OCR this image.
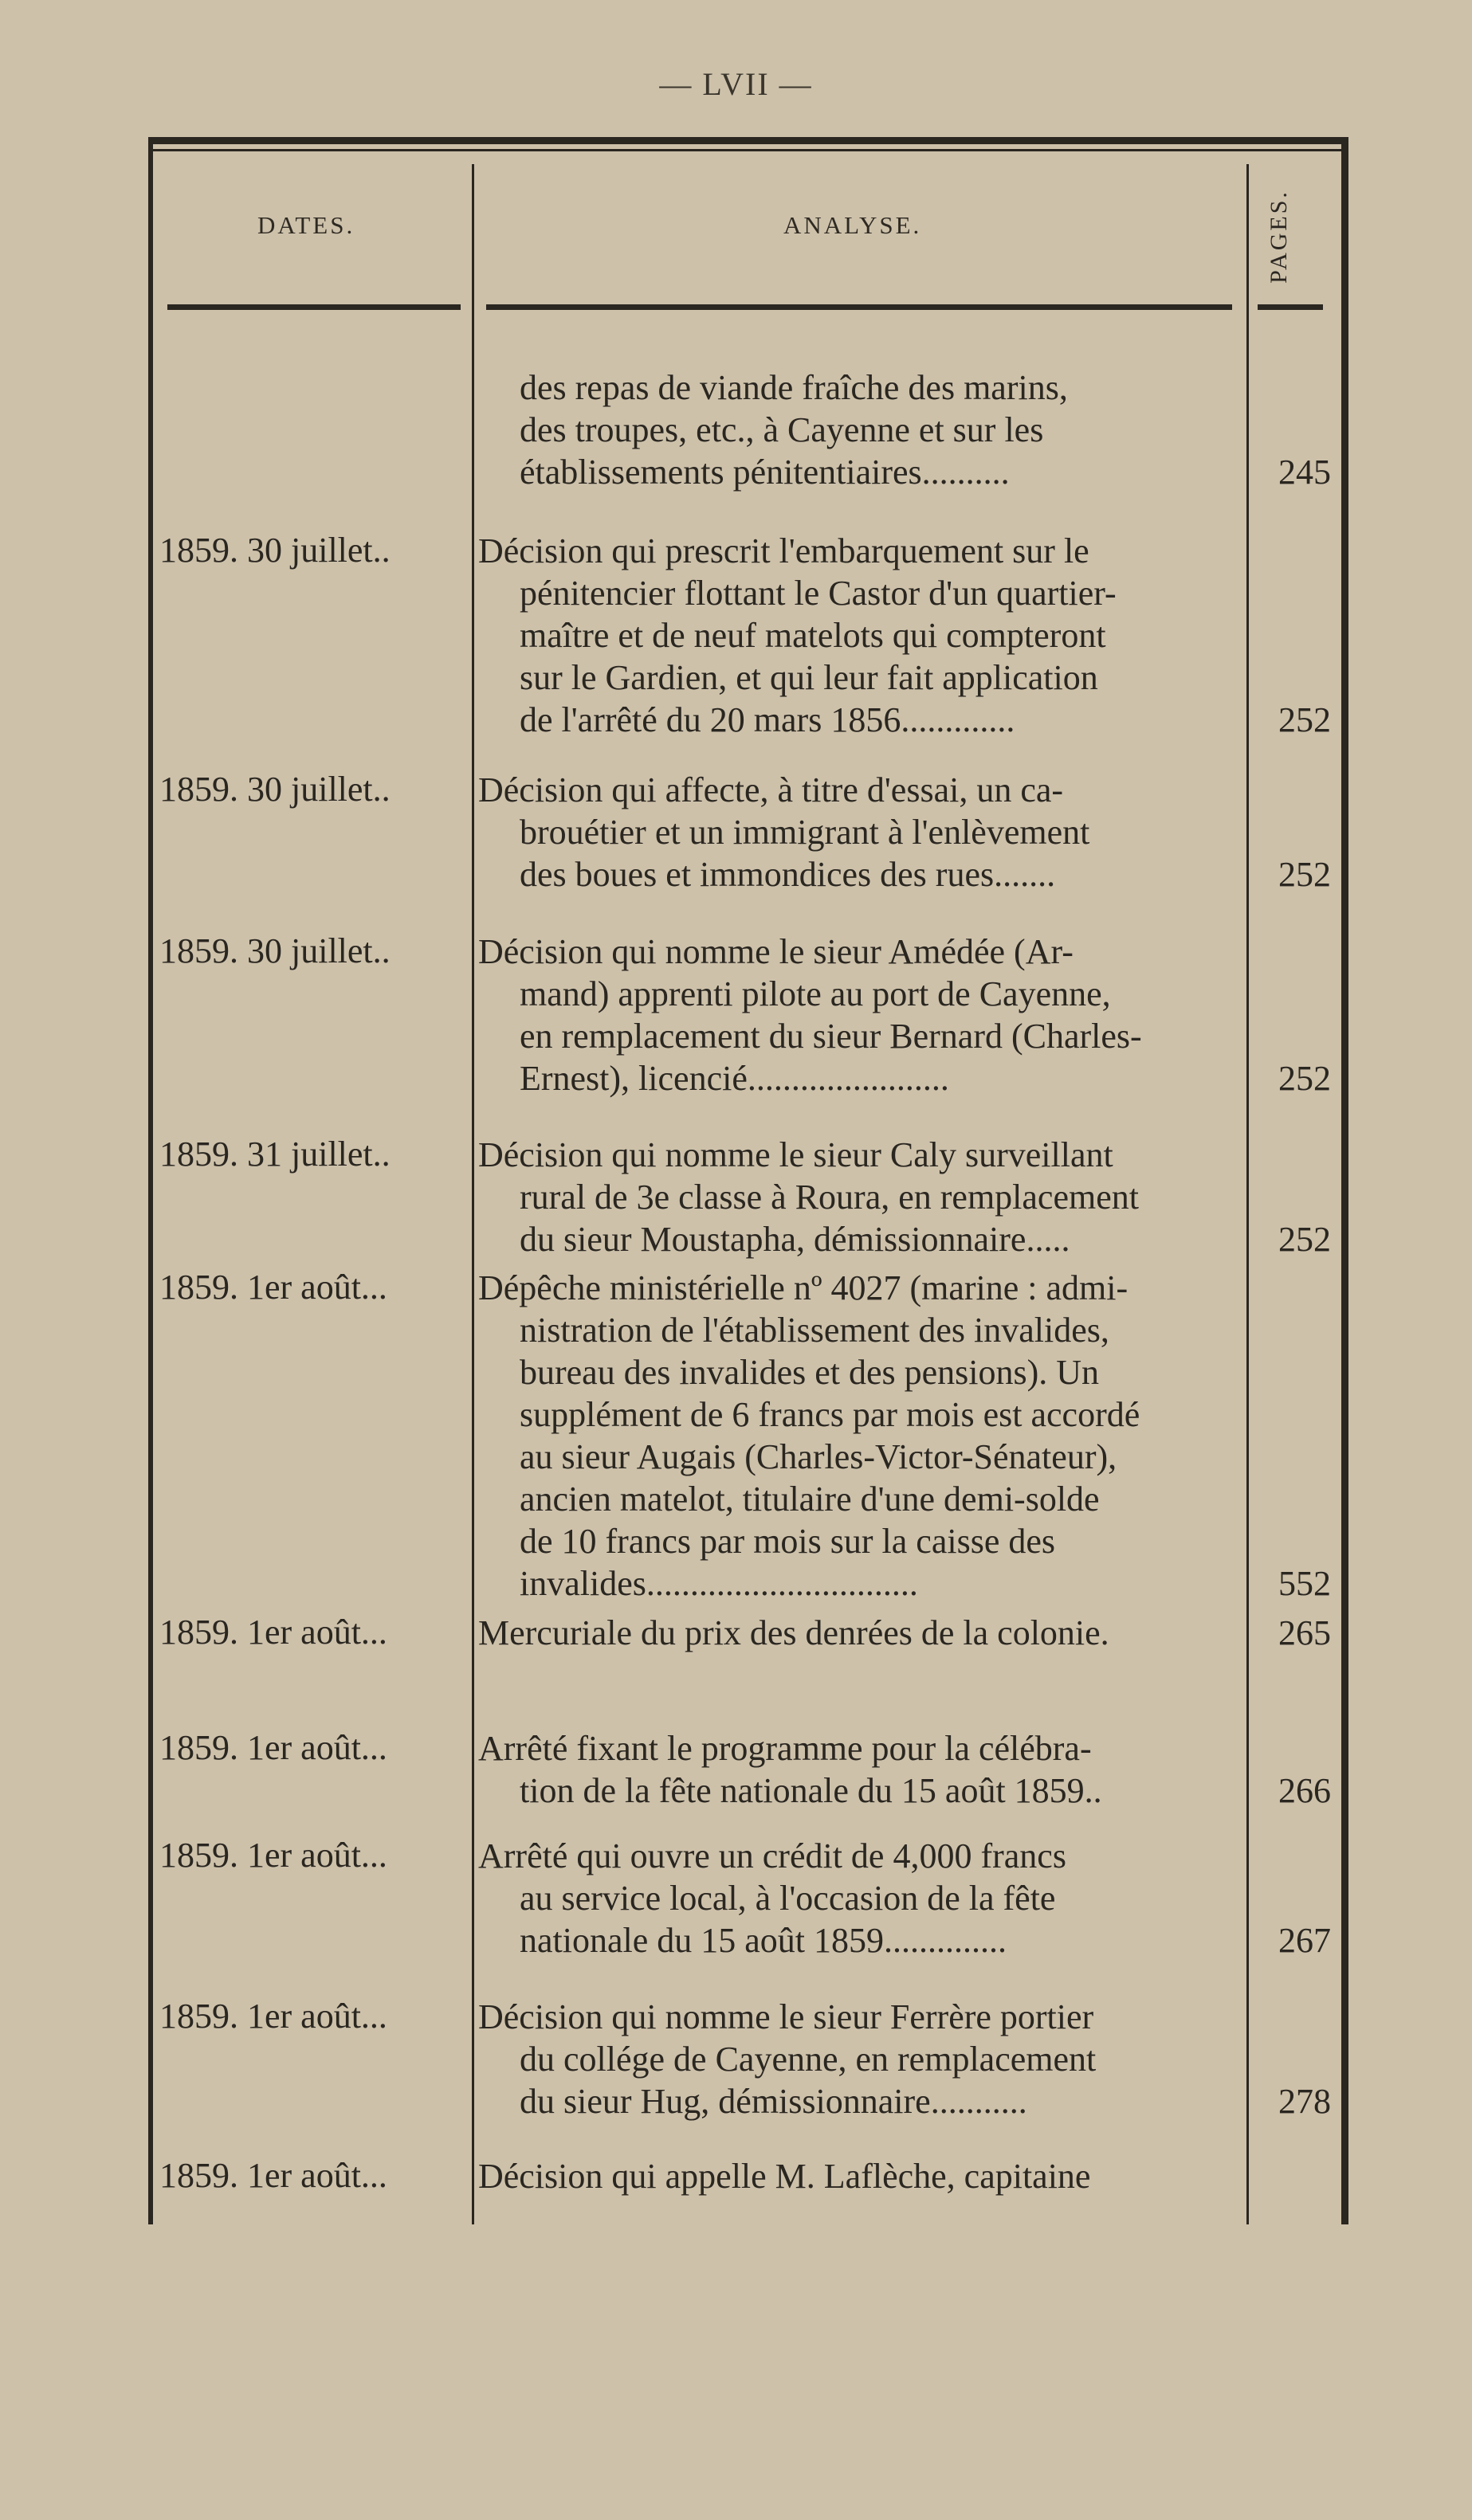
— LVII —
DATES.	ANALYSE.	PAGES.
des repas de viande fraîche des marins,
des troupes, etc., à Cayenne et sur les
établissements pénitentiaires..........	245
1859. 30 juillet..	Décision qui prescrit l'embarquement sur le
pénitencier flottant le Castor d'un quartier-
maître et de neuf matelots qui compteront
sur le Gardien, et qui leur fait application
de l'arrêté du 20 mars 1856.............	252
1859. 30 juillet..	Décision qui affecte, à titre d'essai, un ca-
brouétier et un immigrant à l'enlèvement
des boues et immondices des rues.......	252
1859. 30 juillet..	Décision qui nomme le sieur Amédée (Ar-
mand) apprenti pilote au port de Cayenne,
en remplacement du sieur Bernard (Charles-
Ernest), licencié.......................	252
1859. 31 juillet..	Décision qui nomme le sieur Caly surveillant
rural de 3e classe à Roura, en remplacement
du sieur Moustapha, démissionnaire.....	252
1859. 1er août...	Dépêche ministérielle nº 4027 (marine : admi-
nistration de l'établissement des invalides,
bureau des invalides et des pensions). Un
supplément de 6 francs par mois est accordé
au sieur Augais (Charles-Victor-Sénateur),
ancien matelot, titulaire d'une demi-solde
de 10 francs par mois sur la caisse des
invalides...............................	552
1859. 1er août...	Mercuriale du prix des denrées de la colonie.	265
1859. 1er août...	Arrêté fixant le programme pour la célébra-
tion de la fête nationale du 15 août 1859..	266
1859. 1er août...	Arrêté qui ouvre un crédit de 4,000 francs
au service local, à l'occasion de la fête
nationale du 15 août 1859..............	267
1859. 1er août...	Décision qui nomme le sieur Ferrère portier
du collége de Cayenne, en remplacement
du sieur Hug, démissionnaire...........	278
1859. 1er août...	Décision qui appelle M. Laflèche, capitaine
